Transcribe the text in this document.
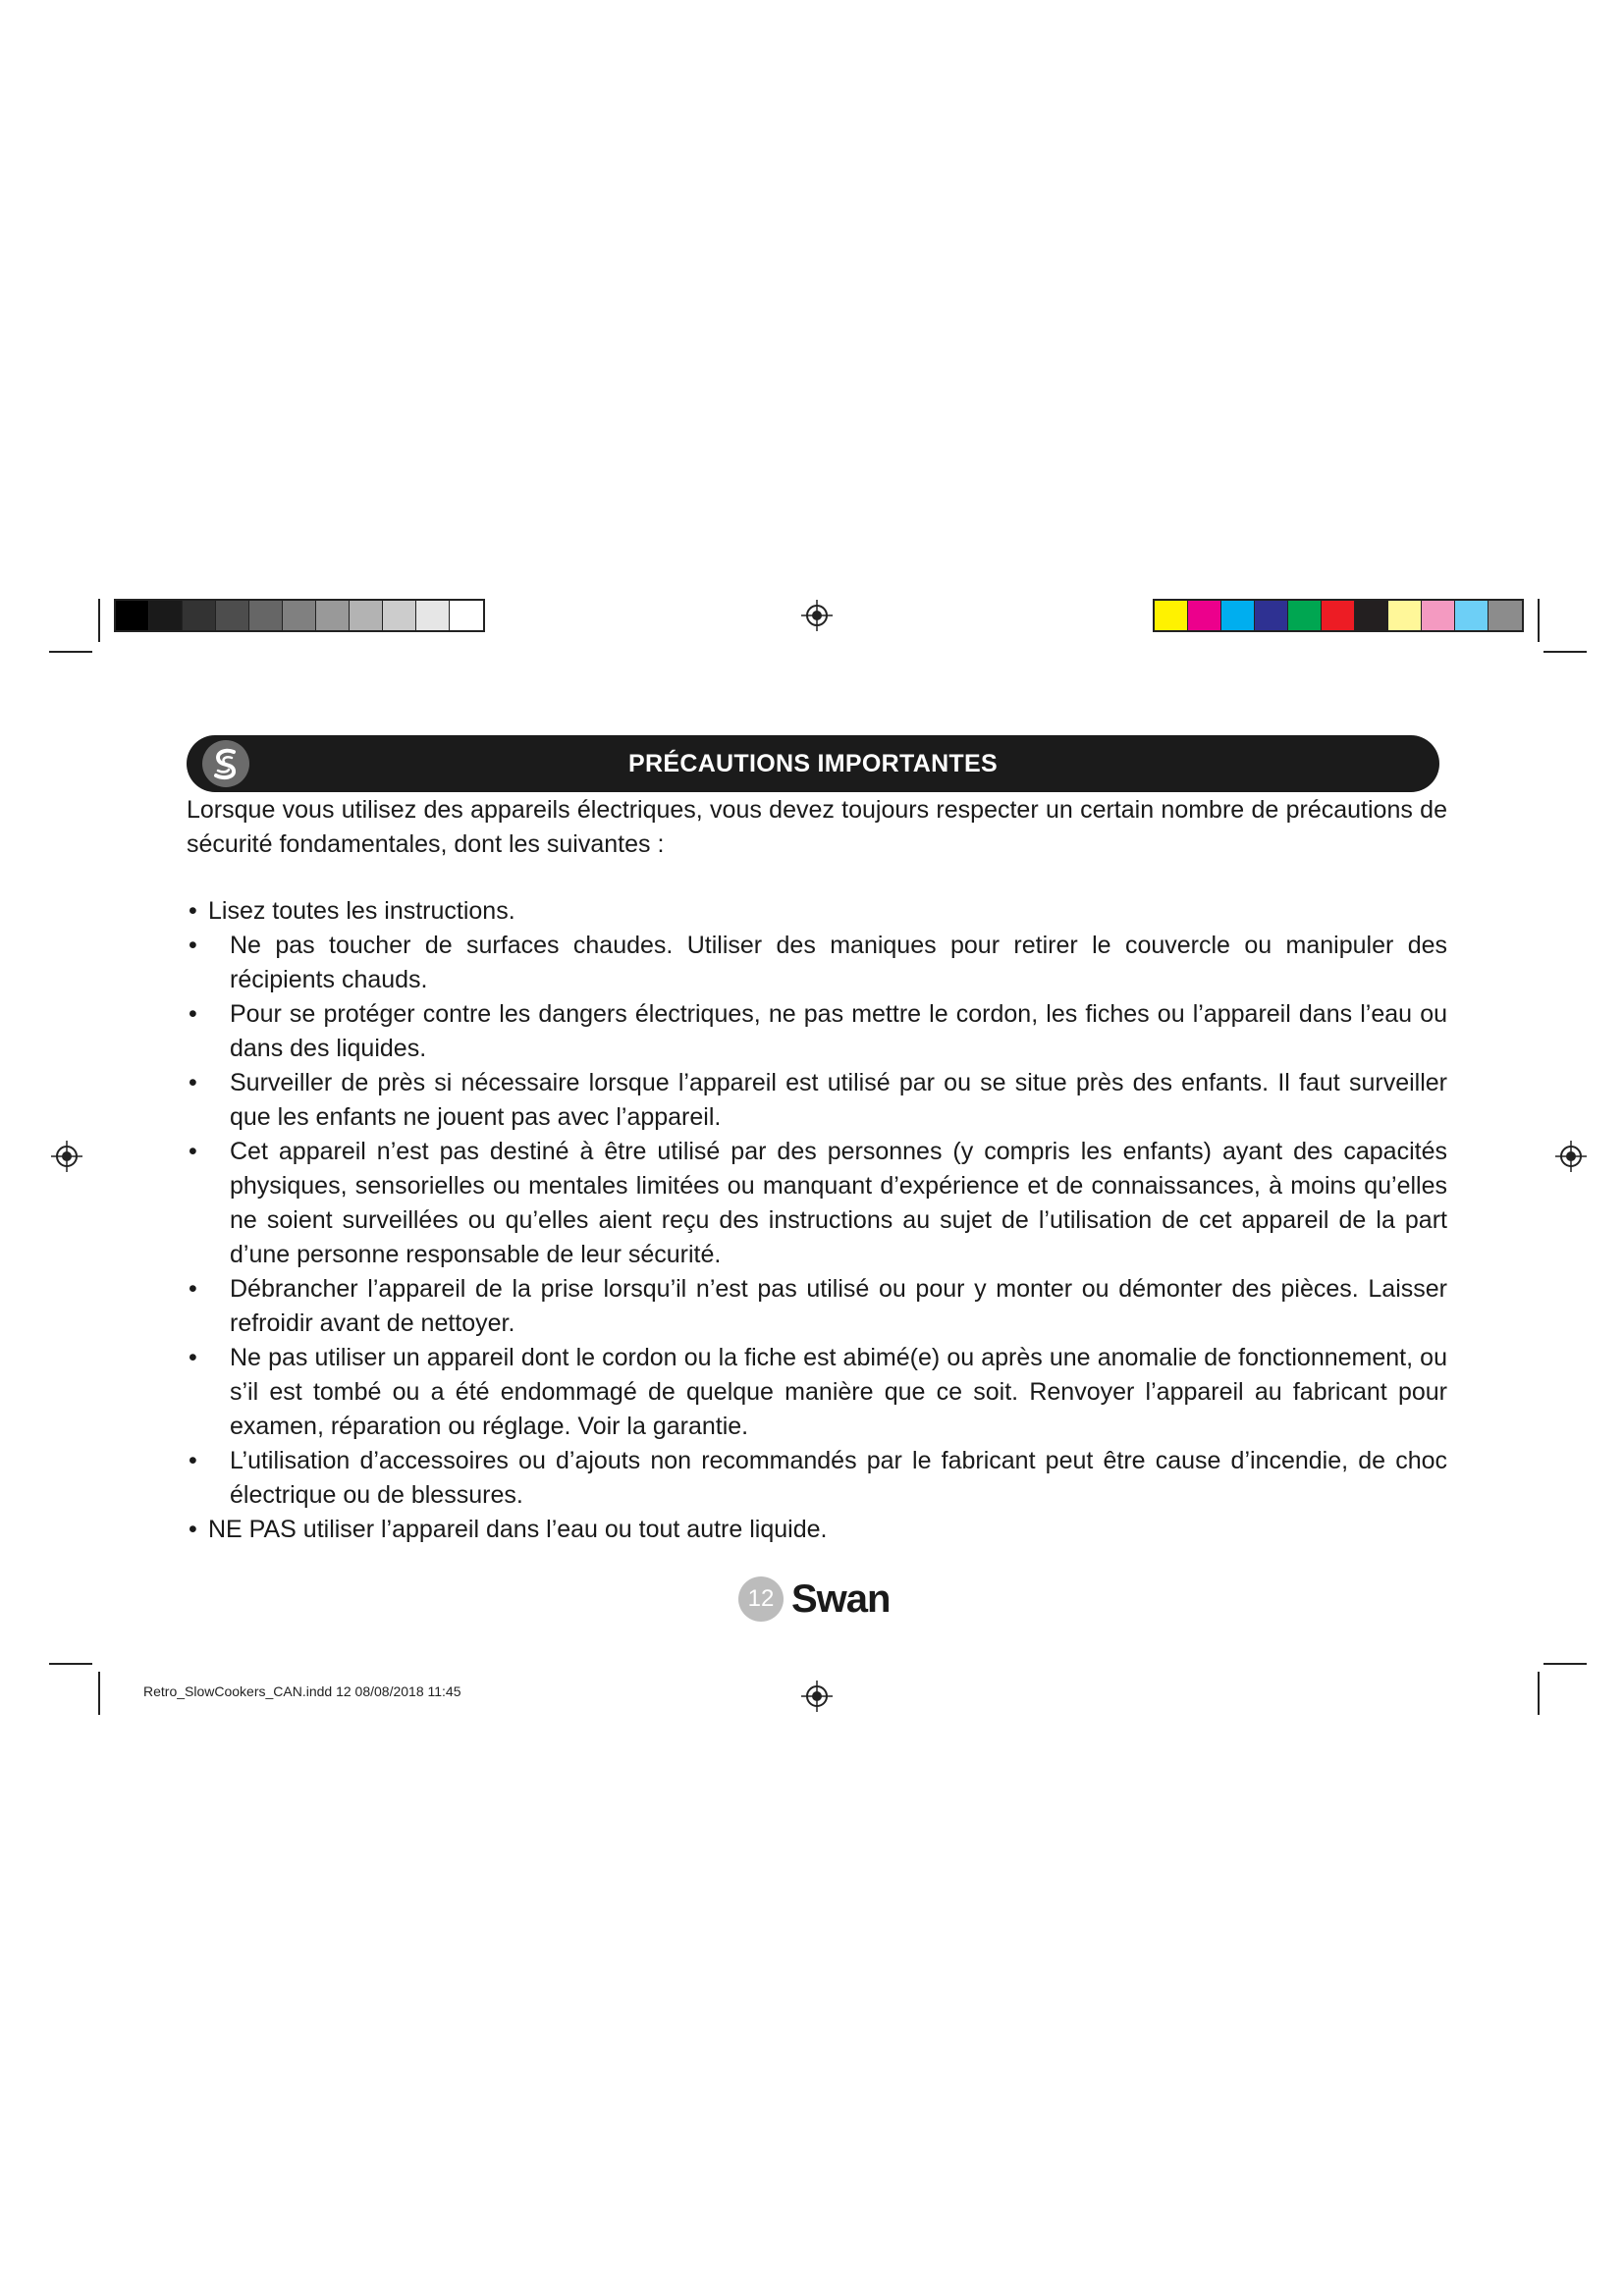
PRÉCAUTIONS IMPORTANTES

Lorsque vous utilisez des appareils électriques, vous devez toujours respecter un certain nombre de précautions de sécurité fondamentales, dont les suivantes :

• Lisez toutes les instructions.
• Ne pas toucher de surfaces chaudes. Utiliser des maniques pour retirer le couvercle ou manipuler des récipients chauds.
• Pour se protéger contre les dangers électriques, ne pas mettre le cordon, les fiches ou l’appareil dans l’eau ou dans des liquides.
• Surveiller de près si nécessaire lorsque l’appareil est utilisé par ou se situe près des enfants. Il faut surveiller que les enfants ne jouent pas avec l’appareil.
• Cet appareil n’est pas destiné à être utilisé par des personnes (y compris les enfants) ayant des capacités physiques, sensorielles ou mentales limitées ou manquant d’expérience et de connaissances, à moins qu’elles ne soient surveillées ou qu’elles aient reçu des instructions au sujet de l’utilisation de cet appareil de la part d’une personne responsable de leur sécurité.
• Débrancher l’appareil de la prise lorsqu’il n’est pas utilisé ou pour y monter ou démonter des pièces. Laisser refroidir avant de nettoyer.
• Ne pas utiliser un appareil dont le cordon ou la fiche est abimé(e) ou après une anomalie de fonctionnement, ou s’il est tombé ou a été endommagé de quelque manière que ce soit. Renvoyer l’appareil au fabricant pour examen, réparation ou réglage. Voir la garantie.
• L’utilisation d’accessoires ou d’ajouts non recommandés par le fabricant peut être cause d’incendie, de choc électrique ou de blessures.
• NE PAS utiliser l’appareil dans l’eau ou tout autre liquide.
12 Swan
Retro_SlowCookers_CAN.indd 12 08/08/2018 11:45
